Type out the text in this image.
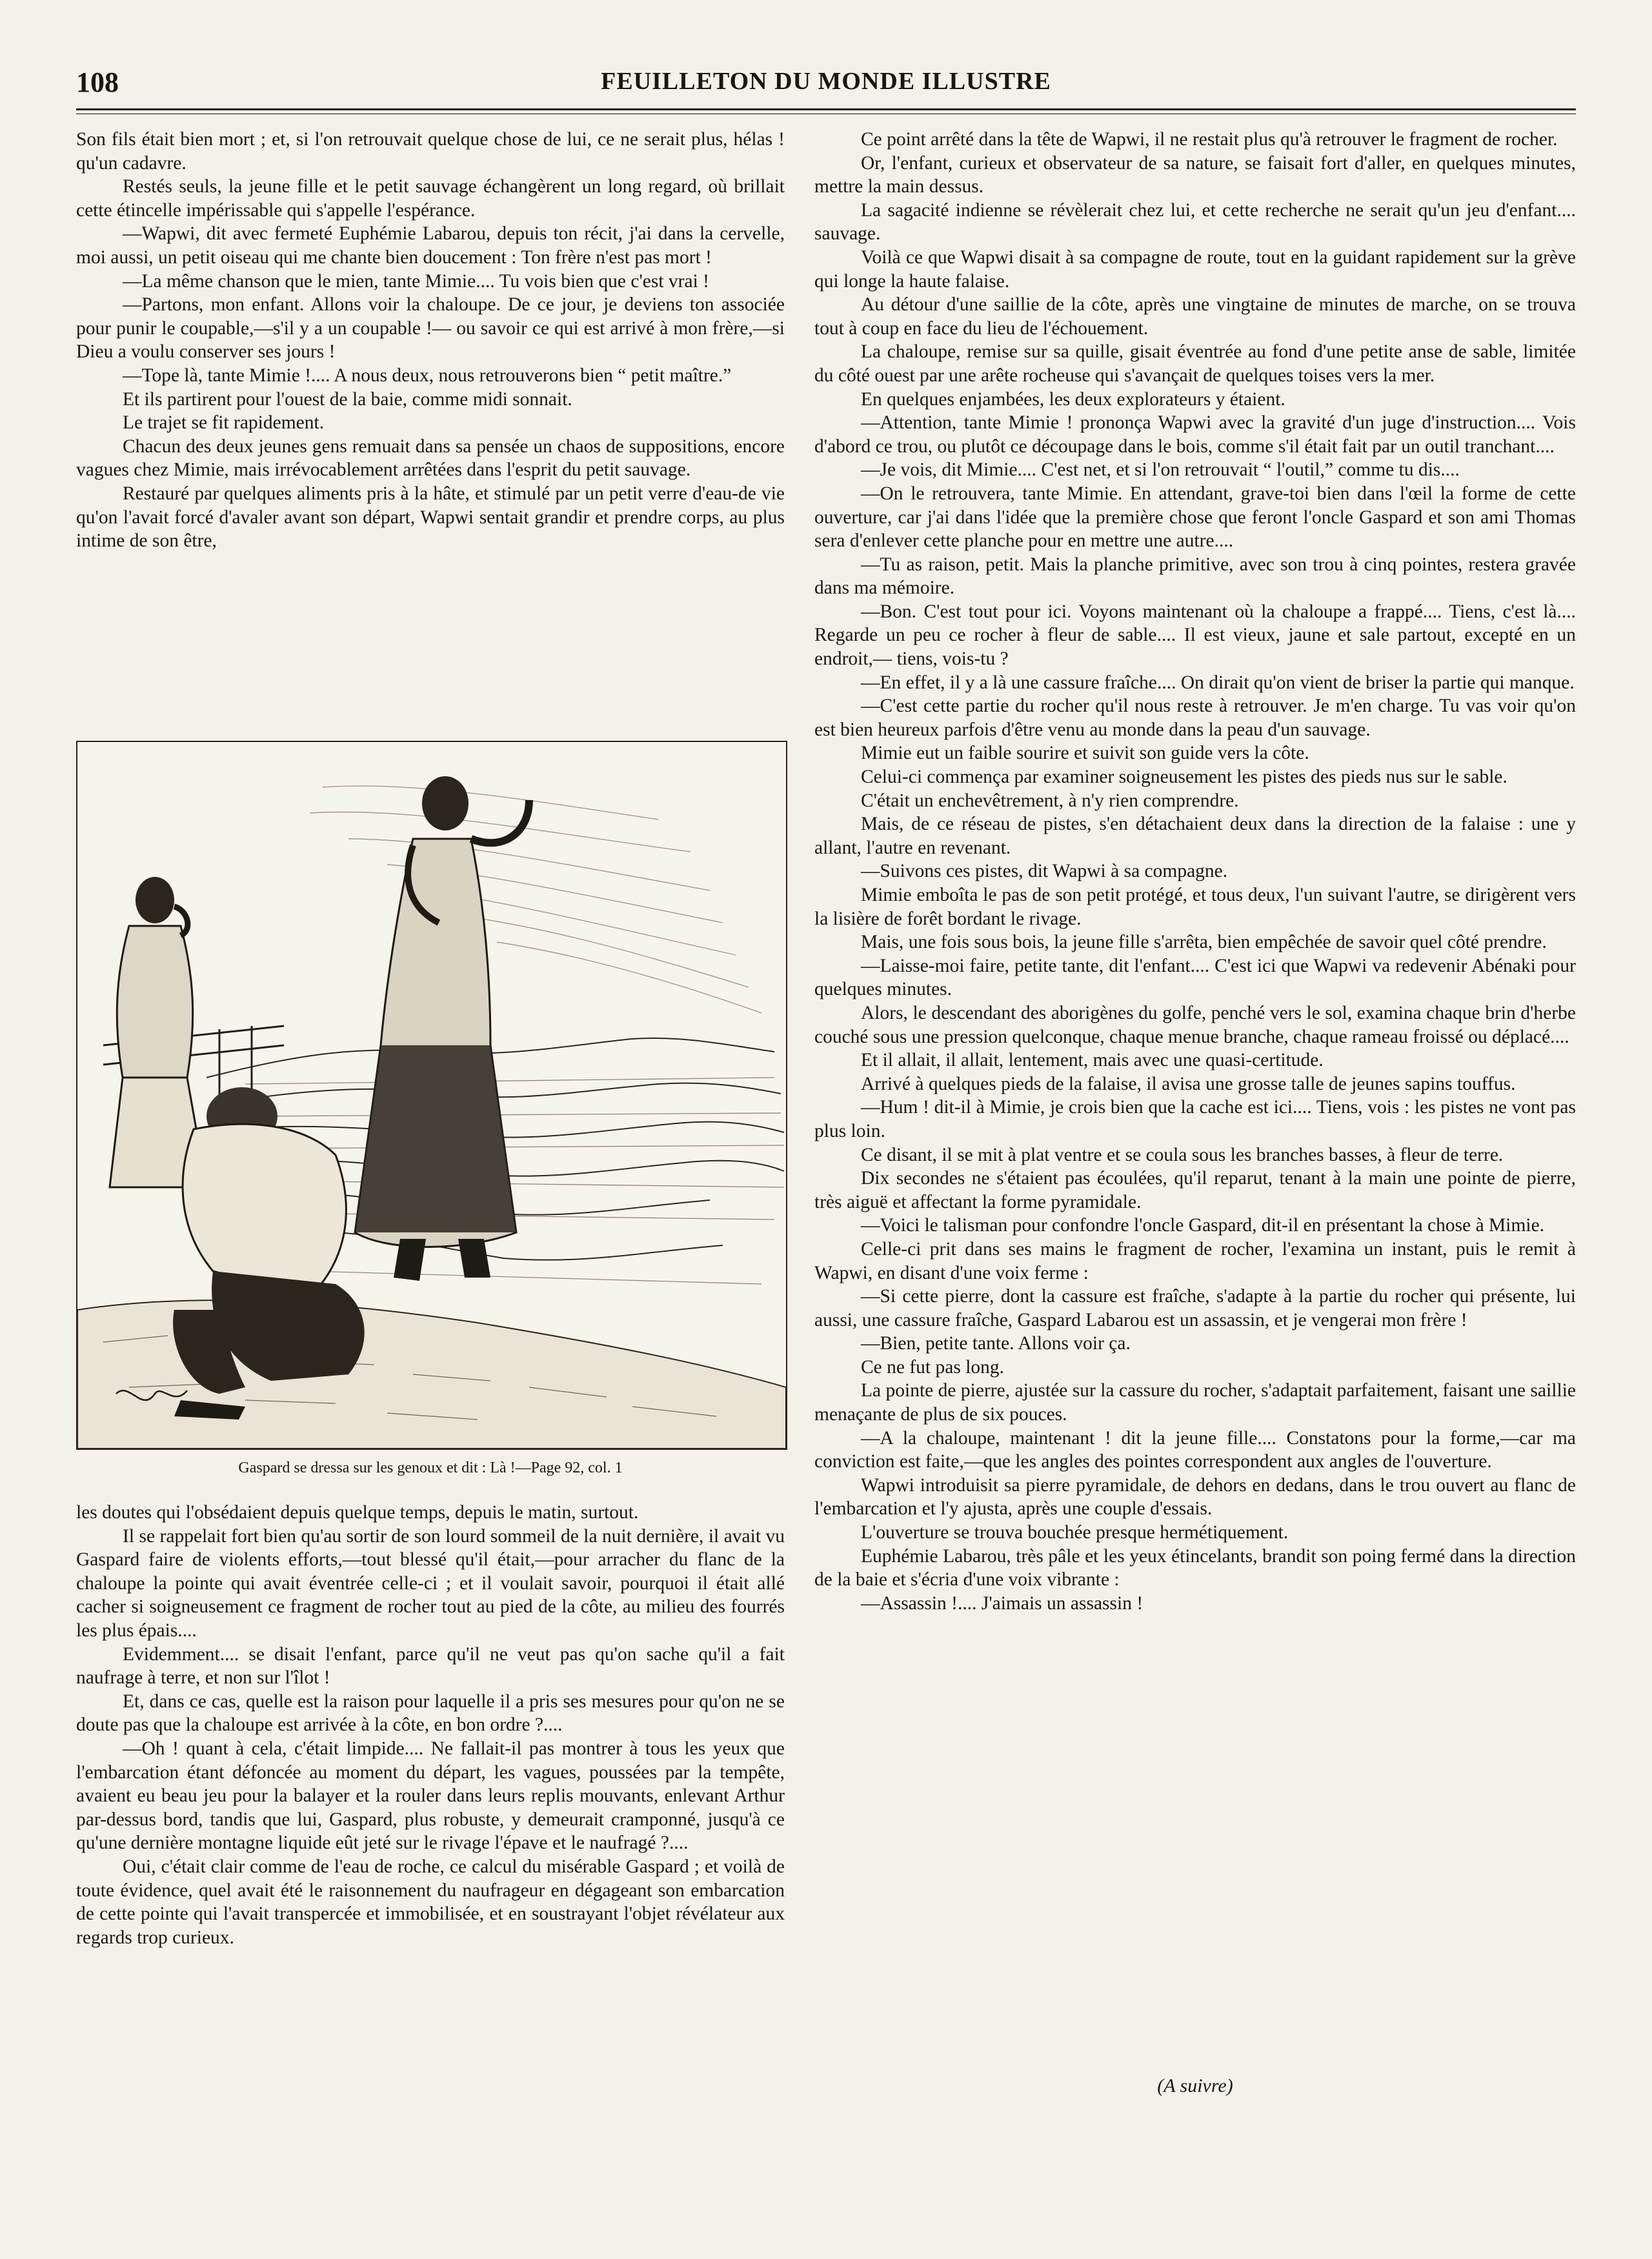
108	FEUILLETON DU MONDE ILLUSTRE

Son fils était bien mort ; et, si l'on retrouvait quelque chose de lui, ce ne serait plus, hélas ! qu'un cadavre.

Restés seuls, la jeune fille et le petit sauvage échangèrent un long regard, où brillait cette étincelle impérissable qui s'appelle l'espérance.

—Wapwi, dit avec fermeté Euphémie Labarou, depuis ton récit, j'ai dans la cervelle, moi aussi, un petit oiseau qui me chante bien doucement : Ton frère n'est pas mort !

—La même chanson que le mien, tante Mimie.... Tu vois bien que c'est vrai !

—Partons, mon enfant. Allons voir la chaloupe. De ce jour, je deviens ton associée pour punir le coupable,—s'il y a un coupable !— ou savoir ce qui est arrivé à mon frère,—si Dieu a voulu conserver ses jours !

—Tope là, tante Mimie !.... A nous deux, nous retrouverons bien “ petit maître.”

Et ils partirent pour l'ouest de la baie, comme midi sonnait.

Le trajet se fit rapidement.

Chacun des deux jeunes gens remuait dans sa pensée un chaos de suppositions, encore vagues chez Mimie, mais irrévocablement arrêtées dans l'esprit du petit sauvage.

Restauré par quelques aliments pris à la hâte, et stimulé par un petit verre d'eau-de vie qu'on l'avait forcé d'avaler avant son départ, Wapwi sentait grandir et prendre corps, au plus intime de son être,

Gaspard se dressa sur les genoux et dit : Là !—Page 92, col. 1

les doutes qui l'obsédaient depuis quelque temps, depuis le matin, surtout.

Il se rappelait fort bien qu'au sortir de son lourd sommeil de la nuit dernière, il avait vu Gaspard faire de violents efforts,—tout blessé qu'il était,—pour arracher du flanc de la chaloupe la pointe qui avait éventrée celle-ci ; et il voulait savoir, pourquoi il était allé cacher si soigneusement ce fragment de rocher tout au pied de la côte, au milieu des fourrés les plus épais....

Evidemment.... se disait l'enfant, parce qu'il ne veut pas qu'on sache qu'il a fait naufrage à terre, et non sur l'îlot !

Et, dans ce cas, quelle est la raison pour laquelle il a pris ses mesures pour qu'on ne se doute pas que la chaloupe est arrivée à la côte, en bon ordre ?....

—Oh ! quant à cela, c'était limpide.... Ne fallait-il pas montrer à tous les yeux que l'embarcation étant défoncée au moment du départ, les vagues, poussées par la tempête, avaient eu beau jeu pour la balayer et la rouler dans leurs replis mouvants, enlevant Arthur par-dessus bord, tandis que lui, Gaspard, plus robuste, y demeurait cramponné, jusqu'à ce qu'une dernière montagne liquide eût jeté sur le rivage l'épave et le naufragé ?....

Oui, c'était clair comme de l'eau de roche, ce calcul du misérable Gaspard ; et voilà de toute évidence, quel avait été le raisonnement du naufrageur en dégageant son embarcation de cette pointe qui l'avait transpercée et immobilisée, et en soustrayant l'objet révélateur aux regards trop curieux.

Ce point arrêté dans la tête de Wapwi, il ne restait plus qu'à retrouver le fragment de rocher.

Or, l'enfant, curieux et observateur de sa nature, se faisait fort d'aller, en quelques minutes, mettre la main dessus.

La sagacité indienne se révèlerait chez lui, et cette recherche ne serait qu'un jeu d'enfant.... sauvage.

Voilà ce que Wapwi disait à sa compagne de route, tout en la guidant rapidement sur la grève qui longe la haute falaise.

Au détour d'une saillie de la côte, après une vingtaine de minutes de marche, on se trouva tout à coup en face du lieu de l'échouement.

La chaloupe, remise sur sa quille, gisait éventrée au fond d'une petite anse de sable, limitée du côté ouest par une arête rocheuse qui s'avançait de quelques toises vers la mer.

En quelques enjambées, les deux explorateurs y étaient.

—Attention, tante Mimie ! prononça Wapwi avec la gravité d'un juge d'instruction.... Vois d'abord ce trou, ou plutôt ce découpage dans le bois, comme s'il était fait par un outil tranchant....

—Je vois, dit Mimie.... C'est net, et si l'on retrouvait “ l'outil,” comme tu dis....

—On le retrouvera, tante Mimie. En attendant, grave-toi bien dans l'œil la forme de cette ouverture, car j'ai dans l'idée que la première chose que feront l'oncle Gaspard et son ami Thomas sera d'enlever cette planche pour en mettre une autre....

—Tu as raison, petit. Mais la planche primitive, avec son trou à cinq pointes, restera gravée dans ma mémoire.

—Bon. C'est tout pour ici. Voyons maintenant où la chaloupe a frappé.... Tiens, c'est là.... Regarde un peu ce rocher à fleur de sable.... Il est vieux, jaune et sale partout, excepté en un endroit,— tiens, vois-tu ?

—En effet, il y a là une cassure fraîche.... On dirait qu'on vient de briser la partie qui manque.

—C'est cette partie du rocher qu'il nous reste à retrouver. Je m'en charge. Tu vas voir qu'on est bien heureux parfois d'être venu au monde dans la peau d'un sauvage.

Mimie eut un faible sourire et suivit son guide vers la côte.

Celui-ci commença par examiner soigneusement les pistes des pieds nus sur le sable.

C'était un enchevêtrement, à n'y rien comprendre.

Mais, de ce réseau de pistes, s'en détachaient deux dans la direction de la falaise : une y allant, l'autre en revenant.

—Suivons ces pistes, dit Wapwi à sa compagne.

Mimie emboîta le pas de son petit protégé, et tous deux, l'un suivant l'autre, se dirigèrent vers la lisière de forêt bordant le rivage.

Mais, une fois sous bois, la jeune fille s'arrêta, bien empêchée de savoir quel côté prendre.

—Laisse-moi faire, petite tante, dit l'enfant.... C'est ici que Wapwi va redevenir Abénaki pour quelques minutes.

Alors, le descendant des aborigènes du golfe, penché vers le sol, examina chaque brin d'herbe couché sous une pression quelconque, chaque menue branche, chaque rameau froissé ou déplacé....

Et il allait, il allait, lentement, mais avec une quasi-certitude.

Arrivé à quelques pieds de la falaise, il avisa une grosse talle de jeunes sapins touffus.

—Hum ! dit-il à Mimie, je crois bien que la cache est ici.... Tiens, vois : les pistes ne vont pas plus loin.

Ce disant, il se mit à plat ventre et se coula sous les branches basses, à fleur de terre.

Dix secondes ne s'étaient pas écoulées, qu'il reparut, tenant à la main une pointe de pierre, très aiguë et affectant la forme pyramidale.

—Voici le talisman pour confondre l'oncle Gaspard, dit-il en présentant la chose à Mimie.

Celle-ci prit dans ses mains le fragment de rocher, l'examina un instant, puis le remit à Wapwi, en disant d'une voix ferme :

—Si cette pierre, dont la cassure est fraîche, s'adapte à la partie du rocher qui présente, lui aussi, une cassure fraîche, Gaspard Labarou est un assassin, et je vengerai mon frère !

—Bien, petite tante. Allons voir ça.

Ce ne fut pas long.

La pointe de pierre, ajustée sur la cassure du rocher, s'adaptait parfaitement, faisant une saillie menaçante de plus de six pouces.

—A la chaloupe, maintenant ! dit la jeune fille.... Constatons pour la forme,—car ma conviction est faite,—que les angles des pointes correspondent aux angles de l'ouverture.

Wapwi introduisit sa pierre pyramidale, de dehors en dedans, dans le trou ouvert au flanc de l'embarcation et l'y ajusta, après une couple d'essais.

L'ouverture se trouva bouchée presque hermétiquement.

Euphémie Labarou, très pâle et les yeux étincelants, brandit son poing fermé dans la direction de la baie et s'écria d'une voix vibrante :

—Assassin !.... J'aimais un assassin !

(A suivre)
